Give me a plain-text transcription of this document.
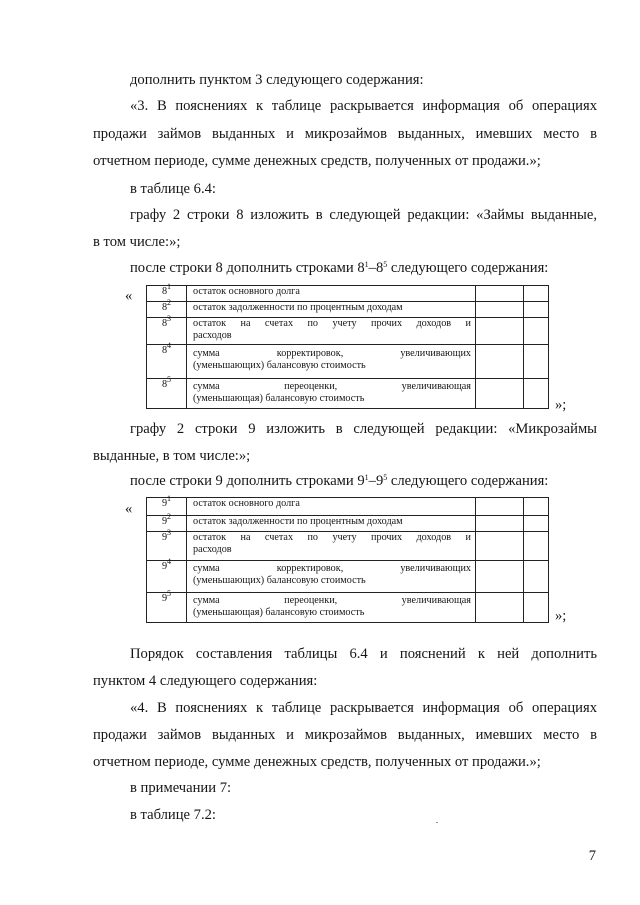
дополнить пунктом 3 следующего содержания:
«3. В пояснениях к таблице раскрывается информация об операциях
продажи займов выданных и микрозаймов выданных, имевших место в
отчетном периоде, сумме денежных средств, полученных от продажи.»;
в таблице 6.4:
графу 2 строки 8 изложить в следующей редакции: «Займы выданные,
в том числе:»;
после строки 8 дополнить строками $8^1-8^5$ следующего содержания:
«	$8^1$	остаток основного долга		
$8^2$	остаток задолженности по процентным доходам		
$8^3$	остаток на счетах по учету прочих доходов и

расходов		

$8^4$	сумма корректировок, увеличивающих

(уменьшающих) балансовую стоимость		

$8^5$	сумма переоценки, увеличивающая

(уменьшающая) балансовую стоимость		
			»;
графу 2 строки 9 изложить в следующей редакции: «Микрозаймы
выданные, в том числе:»;
после строки 9 дополнить строками $9^1-9^5$ следующего содержания:
«	$9^1$	остаток основного долга		
$9^2$	остаток задолженности по процентным доходам		
$9^3$	остаток на счетах по учету прочих доходов и

расходов		

$9^4$	сумма корректировок, увеличивающих

(уменьшающих) балансовую стоимость		

$9^5$	сумма переоценки, увеличивающая

(уменьшающая) балансовую стоимость		
			»;
Порядок составления таблицы 6.4 и пояснений к ней дополнить
пунктом 4 следующего содержания:
«4. В пояснениях к таблице раскрывается информация об операциях
продажи займов выданных и микрозаймов выданных, имевших место в
отчетном периоде, сумме денежных средств, полученных от продажи.»;
в примечании 7:
в таблице 7.2:
7
